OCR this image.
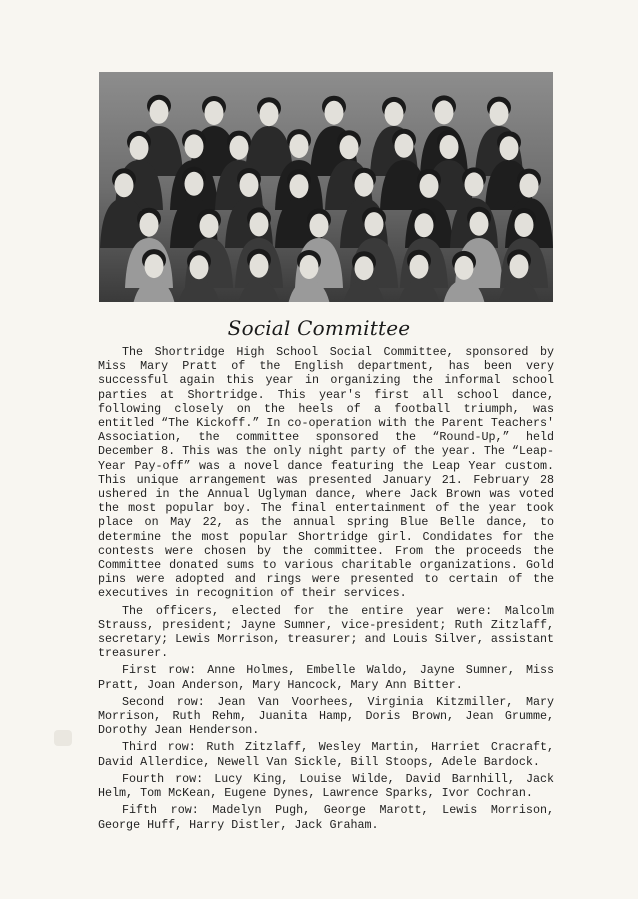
Social Committee

The Shortridge High School Social Committee, sponsored by Miss Mary Pratt of the English department, has been very successful again this year in organizing the informal school parties at Shortridge. This year's first all school dance, following closely on the heels of a football triumph, was entitled “The Kickoff.” In co-operation with the Parent Teachers' Association, the committee sponsored the “Round-Up,” held December 8. This was the only night party of the year. The “Leap-Year Pay-off” was a novel dance featuring the Leap Year custom. This unique arrangement was presented January 21. February 28 ushered in the Annual Uglyman dance, where Jack Brown was voted the most popular boy. The final entertainment of the year took place on May 22, as the annual spring Blue Belle dance, to determine the most popular Shortridge girl. Condidates for the contests were chosen by the committee. From the proceeds the Committee donated sums to various charitable organizations. Gold pins were adopted and rings were presented to certain of the executives in recognition of their services.

The officers, elected for the entire year were: Malcolm Strauss, president; Jayne Sumner, vice-president; Ruth Zitzlaff, secretary; Lewis Morrison, treasurer; and Louis Silver, assistant treasurer.

First row: Anne Holmes, Embelle Waldo, Jayne Sumner, Miss Pratt, Joan Anderson, Mary Hancock, Mary Ann Bitter.

Second row: Jean Van Voorhees, Virginia Kitzmiller, Mary Morrison, Ruth Rehm, Juanita Hamp, Doris Brown, Jean Grumme, Dorothy Jean Henderson.

Third row: Ruth Zitzlaff, Wesley Martin, Harriet Cracraft, David Allerdice, Newell Van Sickle, Bill Stoops, Adele Bardock.

Fourth row: Lucy King, Louise Wilde, David Barnhill, Jack Helm, Tom McKean, Eugene Dynes, Lawrence Sparks, Ivor Cochran.

Fifth row: Madelyn Pugh, George Marott, Lewis Morrison, George Huff, Harry Distler, Jack Graham.
